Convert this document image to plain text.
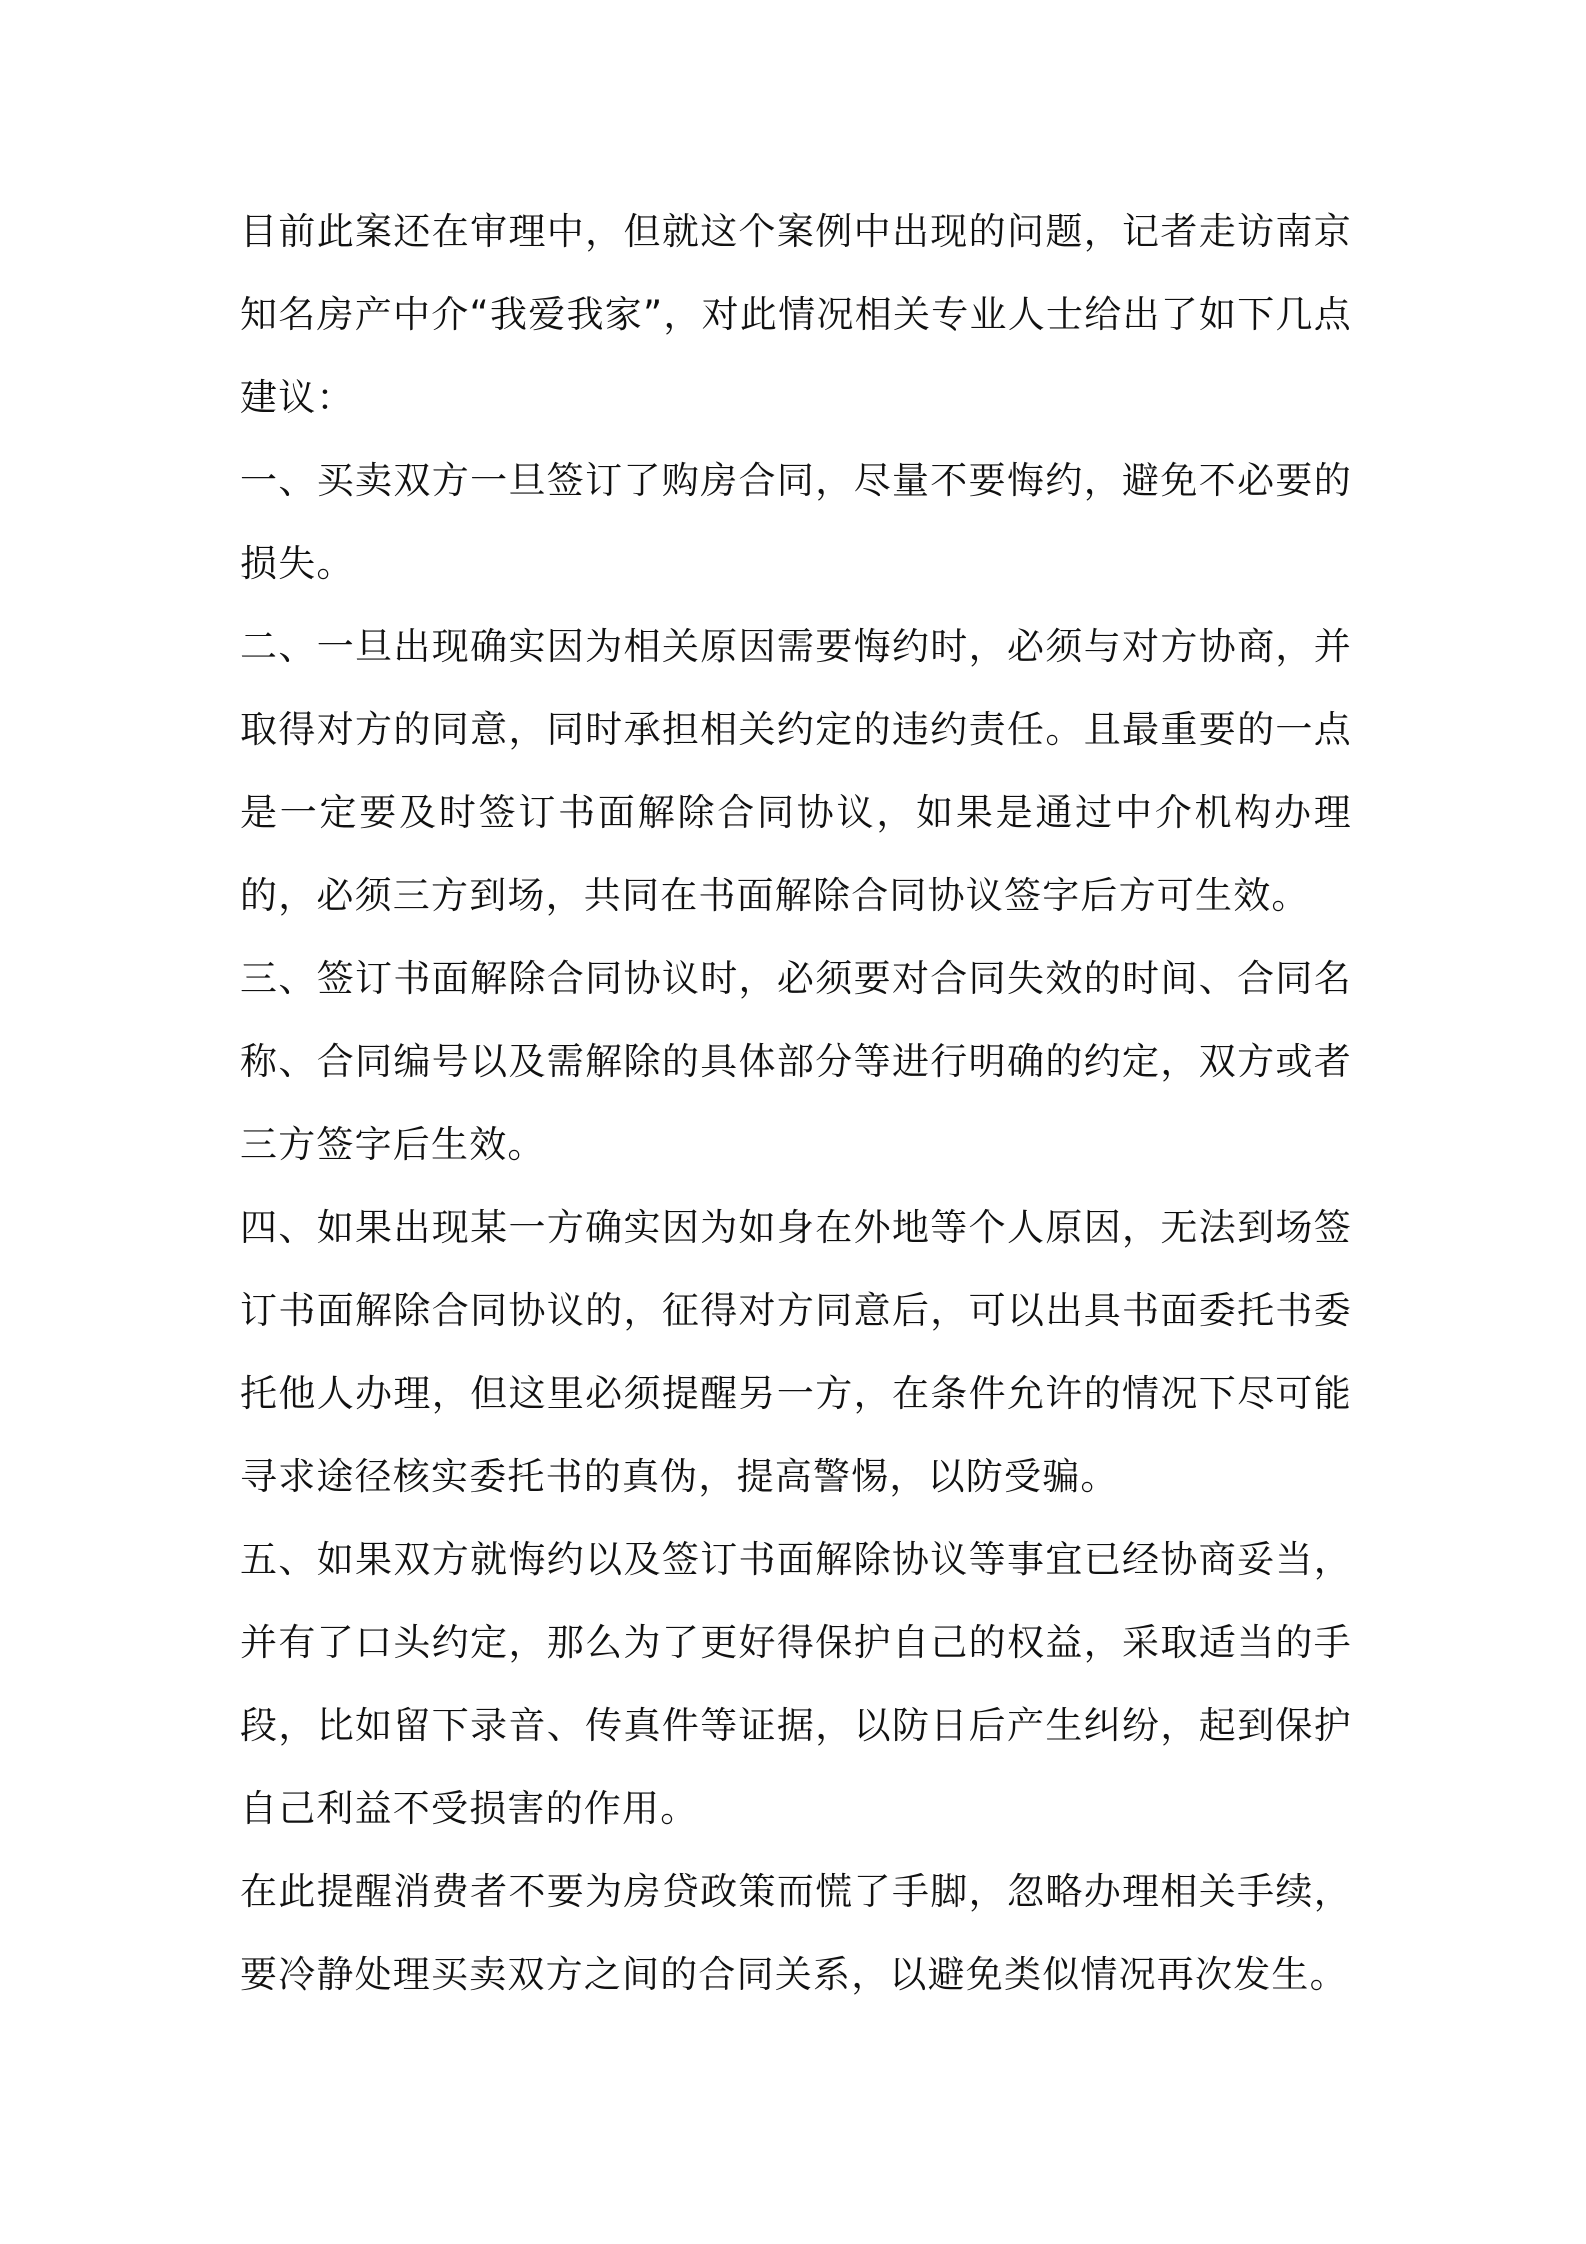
目前此案还在审理中，但就这个案例中出现的问题，记者走访南京知名房产中介“我爱我家”，对此情况相关专业人士给出了如下几点建议：

一、买卖双方一旦签订了购房合同，尽量不要悔约，避免不必要的损失。

二、一旦出现确实因为相关原因需要悔约时，必须与对方协商，并取得对方的同意，同时承担相关约定的违约责任。且最重要的一点是一定要及时签订书面解除合同协议，如果是通过中介机构办理的，必须三方到场，共同在书面解除合同协议签字后方可生效。

三、签订书面解除合同协议时，必须要对合同失效的时间、合同名称、合同编号以及需解除的具体部分等进行明确的约定，双方或者三方签字后生效。

四、如果出现某一方确实因为如身在外地等个人原因，无法到场签订书面解除合同协议的，征得对方同意后，可以出具书面委托书委托他人办理，但这里必须提醒另一方，在条件允许的情况下尽可能寻求途径核实委托书的真伪，提高警惕，以防受骗。

五、如果双方就悔约以及签订书面解除协议等事宜已经协商妥当，并有了口头约定，那么为了更好得保护自己的权益，采取适当的手段，比如留下录音、传真件等证据，以防日后产生纠纷，起到保护自己利益不受损害的作用。

在此提醒消费者不要为房贷政策而慌了手脚，忽略办理相关手续，要冷静处理买卖双方之间的合同关系，以避免类似情况再次发生。
